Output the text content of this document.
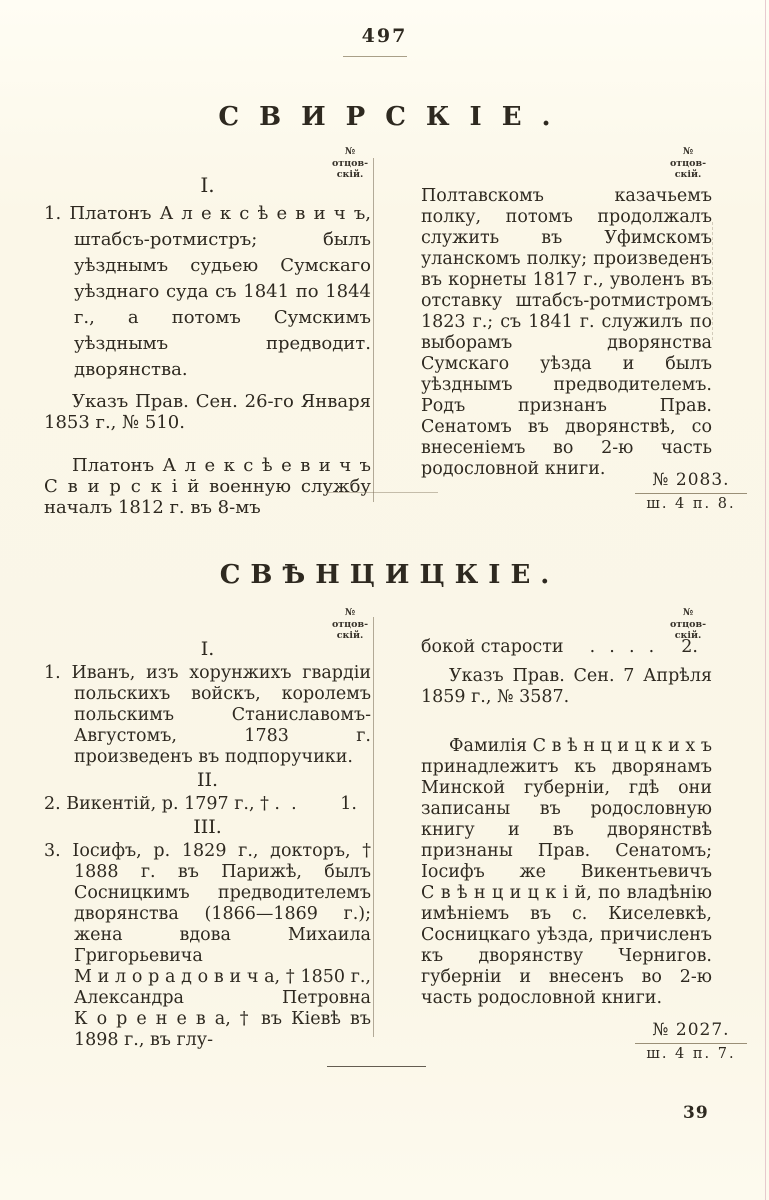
497
СВИРСКІЕ.
№ отцов-
скій.
№ отцов-
скій.
I.

1. Платонъ А л е к с ѣ е в и ч ъ, штабсъ-ротмистръ; былъ уѣзднымъ судьею Сумскаго уѣзднаго суда съ 1841 по 1844 г., а потомъ Сумскимъ уѣзднымъ предводит. дворянства.

Указъ Прав. Сен. 26-го Января 1853 г., № 510.

Платонъ А л е к с ѣ е в и ч ъ С в и р с к і й военную службу началъ 1812 г. въ 8-мъ

Полтавскомъ казачьемъ полку, потомъ продолжалъ служить въ Уфимскомъ уланскомъ полку; произведенъ въ корнеты 1817 г., уволенъ въ отставку штабсъ-ротмистромъ 1823 г.; съ 1841 г. служилъ по выборамъ дворянства Сумскаго уѣзда и былъ уѣзднымъ предводителемъ. Родъ признанъ Прав. Сенатомъ въ дворянствѣ, со внесеніемъ во 2-ю часть родословной книги.

№ 2083.
ш. 4 п. 8.
СВѢНЦИЦКІЕ.
№ отцов-
скій.
№ отцов-
скій.
I.

1. Иванъ, изъ хорунжихъ гвардіи польскихъ войскъ, королемъ польскимъ Станиславомъ-Августомъ, 1783 г. произведенъ въ подпоручики.

II.

2. Викентій, р. 1797 г., † .  . 1.

III.

3. Іосифъ, р. 1829 г., докторъ, † 1888 г. въ Парижѣ, былъ Сосницкимъ предводителемъ дворянства (1866—1869 г.); жена вдова Михаила Григорьевича М и л о р а д о в и ч а, † 1850 г., Александра Петровна К о р е н е в а, † въ Кіевѣ въ 1898 г., въ глу-

бокой старости .  .  .  . 2.

Указъ Прав. Сен. 7 Апрѣля 1859 г., № 3587.

Фамилія С в ѣ н ц и ц к и х ъ принадлежитъ къ дворянамъ Минской губерніи, гдѣ они записаны въ родословную книгу и въ дворянствѣ признаны Прав. Сенатомъ; Іосифъ же Викентьевичъ С в ѣ н ц и ц к і й, по владѣнію имѣніемъ въ с. Киселевкѣ, Сосницкаго уѣзда, причисленъ къ дворянству Чернигов. губерніи и внесенъ во 2-ю часть родословной книги.

№ 2027.
ш. 4 п. 7.
39
